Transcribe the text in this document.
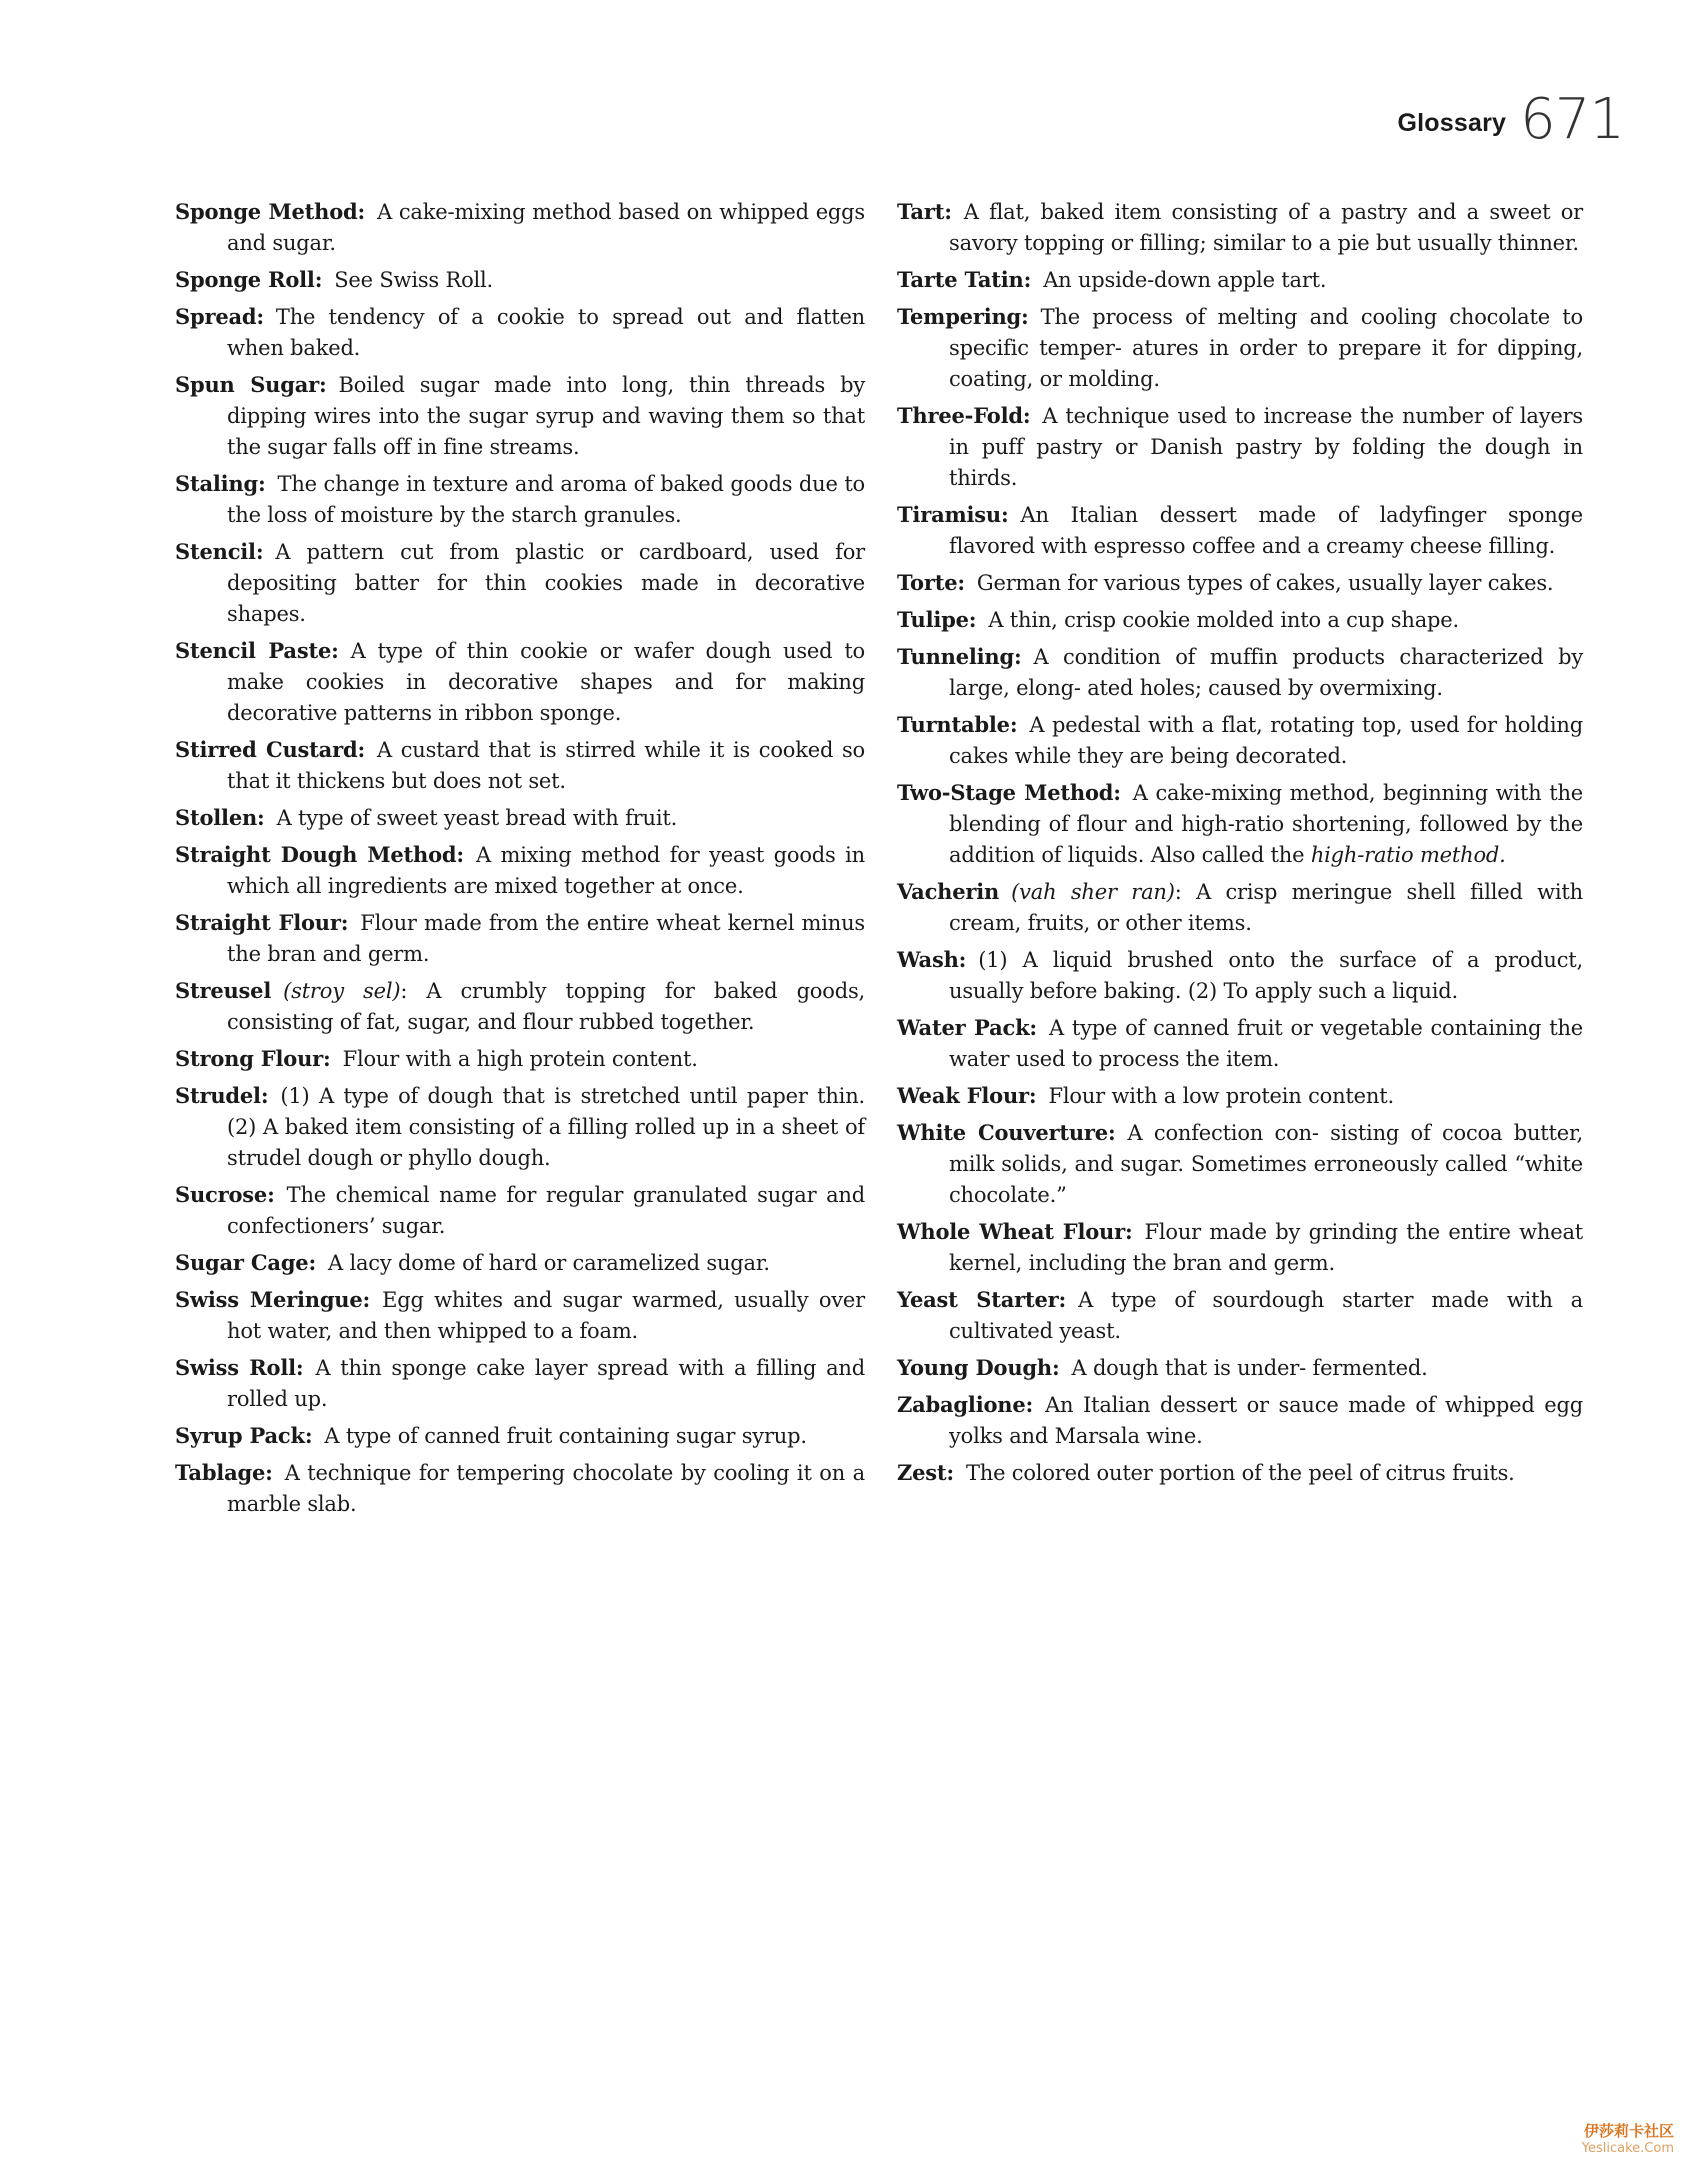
Glossary 671

Sponge Method: A cake-mixing method based on whipped eggs and sugar.

Sponge Roll: See Swiss Roll.

Spread: The tendency of a cookie to spread out and flatten when baked.

Spun Sugar: Boiled sugar made into long, thin threads by dipping wires into the sugar syrup and waving them so that the sugar falls off in fine streams.

Staling: The change in texture and aroma of baked goods due to the loss of moisture by the starch granules.

Stencil: A pattern cut from plastic or cardboard, used for depositing batter for thin cookies made in decorative shapes.

Stencil Paste: A type of thin cookie or wafer dough used to make cookies in decorative shapes and for making decorative patterns in ribbon sponge.

Stirred Custard: A custard that is stirred while it is cooked so that it thickens but does not set.

Stollen: A type of sweet yeast bread with fruit.

Straight Dough Method: A mixing method for yeast goods in which all ingredients are mixed together at once.

Straight Flour: Flour made from the entire wheat kernel minus the bran and germ.

Streusel (stroy sel): A crumbly topping for baked goods, consisting of fat, sugar, and flour rubbed together.

Strong Flour: Flour with a high protein content.

Strudel: (1) A type of dough that is stretched until paper thin. (2) A baked item consisting of a filling rolled up in a sheet of strudel dough or phyllo dough.

Sucrose: The chemical name for regular granulated sugar and confectioners’ sugar.

Sugar Cage: A lacy dome of hard or caramelized sugar.

Swiss Meringue: Egg whites and sugar warmed, usually over hot water, and then whipped to a foam.

Swiss Roll: A thin sponge cake layer spread with a filling and rolled up.

Syrup Pack: A type of canned fruit containing sugar syrup.

Tablage: A technique for tempering chocolate by cooling it on a marble slab.

Tart: A flat, baked item consisting of a pastry and a sweet or savory topping or filling; similar to a pie but usually thinner.

Tarte Tatin: An upside-down apple tart.

Tempering: The process of melting and cooling chocolate to specific temper- atures in order to prepare it for dipping, coating, or molding.

Three-Fold: A technique used to increase the number of layers in puff pastry or Danish pastry by folding the dough in thirds.

Tiramisu: An Italian dessert made of ladyfinger sponge flavored with espresso coffee and a creamy cheese filling.

Torte: German for various types of cakes, usually layer cakes.

Tulipe: A thin, crisp cookie molded into a cup shape.

Tunneling: A condition of muffin products characterized by large, elong- ated holes; caused by overmixing.

Turntable: A pedestal with a flat, rotating top, used for holding cakes while they are being decorated.

Two-Stage Method: A cake-mixing method, beginning with the blending of flour and high-ratio shortening, followed by the addition of liquids. Also called the high-ratio method.

Vacherin (vah sher ran): A crisp meringue shell filled with cream, fruits, or other items.

Wash: (1) A liquid brushed onto the surface of a product, usually before baking. (2) To apply such a liquid.

Water Pack: A type of canned fruit or vegetable containing the water used to process the item.

Weak Flour: Flour with a low protein content.

White Couverture: A confection con- sisting of cocoa butter, milk solids, and sugar. Sometimes erroneously called “white chocolate.”

Whole Wheat Flour: Flour made by grinding the entire wheat kernel, including the bran and germ.

Yeast Starter: A type of sourdough starter made with a cultivated yeast.

Young Dough: A dough that is under- fermented.

Zabaglione: An Italian dessert or sauce made of whipped egg yolks and Marsala wine.

Zest: The colored outer portion of the peel of citrus fruits.

伊莎莉卡社区
Yeslicake.Com
